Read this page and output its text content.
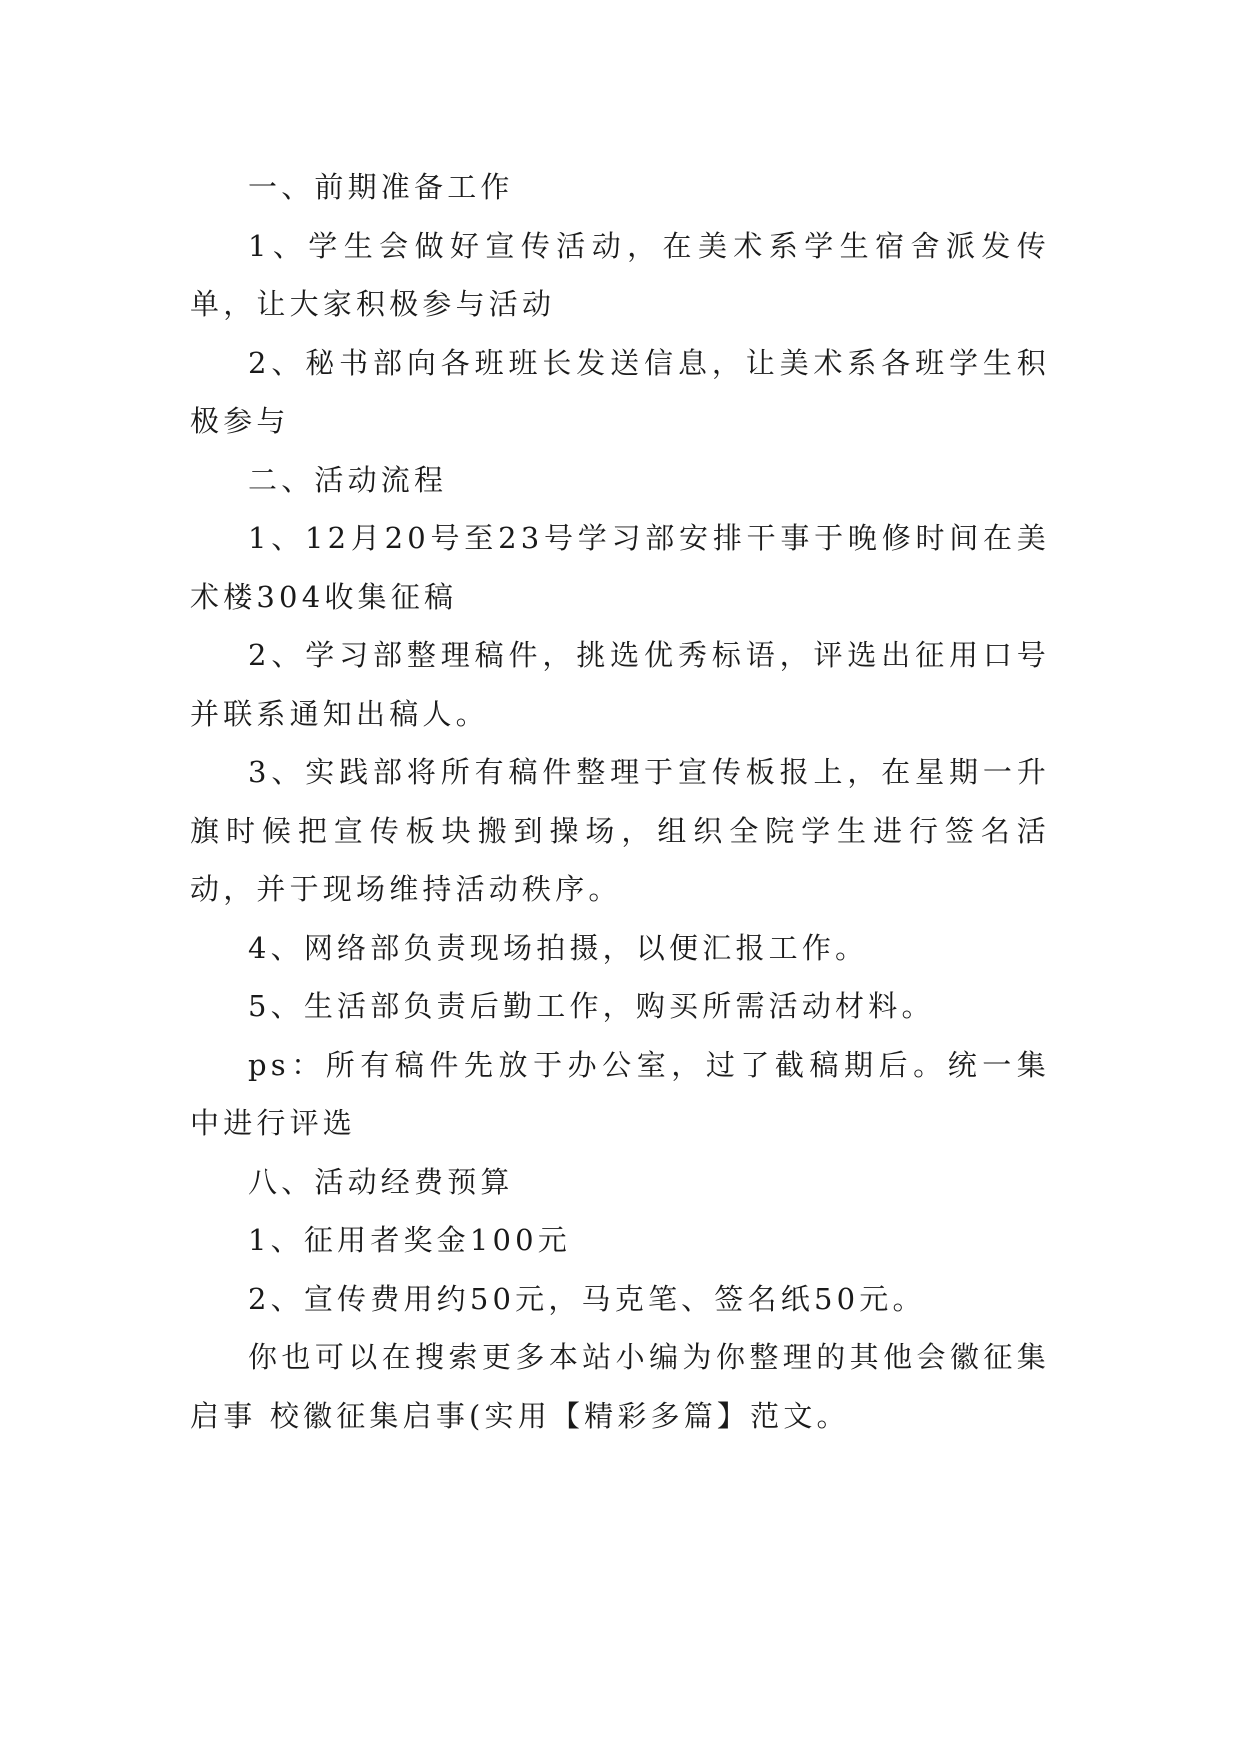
一、前期准备工作

1、学生会做好宣传活动，在美术系学生宿舍派发传单，让大家积极参与活动

2、秘书部向各班班长发送信息，让美术系各班学生积极参与

二、活动流程

1、12月20号至23号学习部安排干事于晚修时间在美术楼304收集征稿

2、学习部整理稿件，挑选优秀标语，评选出征用口号并联系通知出稿人。

3、实践部将所有稿件整理于宣传板报上，在星期一升旗时候把宣传板块搬到操场，组织全院学生进行签名活动，并于现场维持活动秩序。

4、网络部负责现场拍摄，以便汇报工作。

5、生活部负责后勤工作，购买所需活动材料。

ps：所有稿件先放于办公室，过了截稿期后。统一集中进行评选

八、活动经费预算

1、征用者奖金100元

2、宣传费用约50元，马克笔、签名纸50元。

你也可以在搜索更多本站小编为你整理的其他会徽征集启事 校徽征集启事(实用【精彩多篇】范文。
